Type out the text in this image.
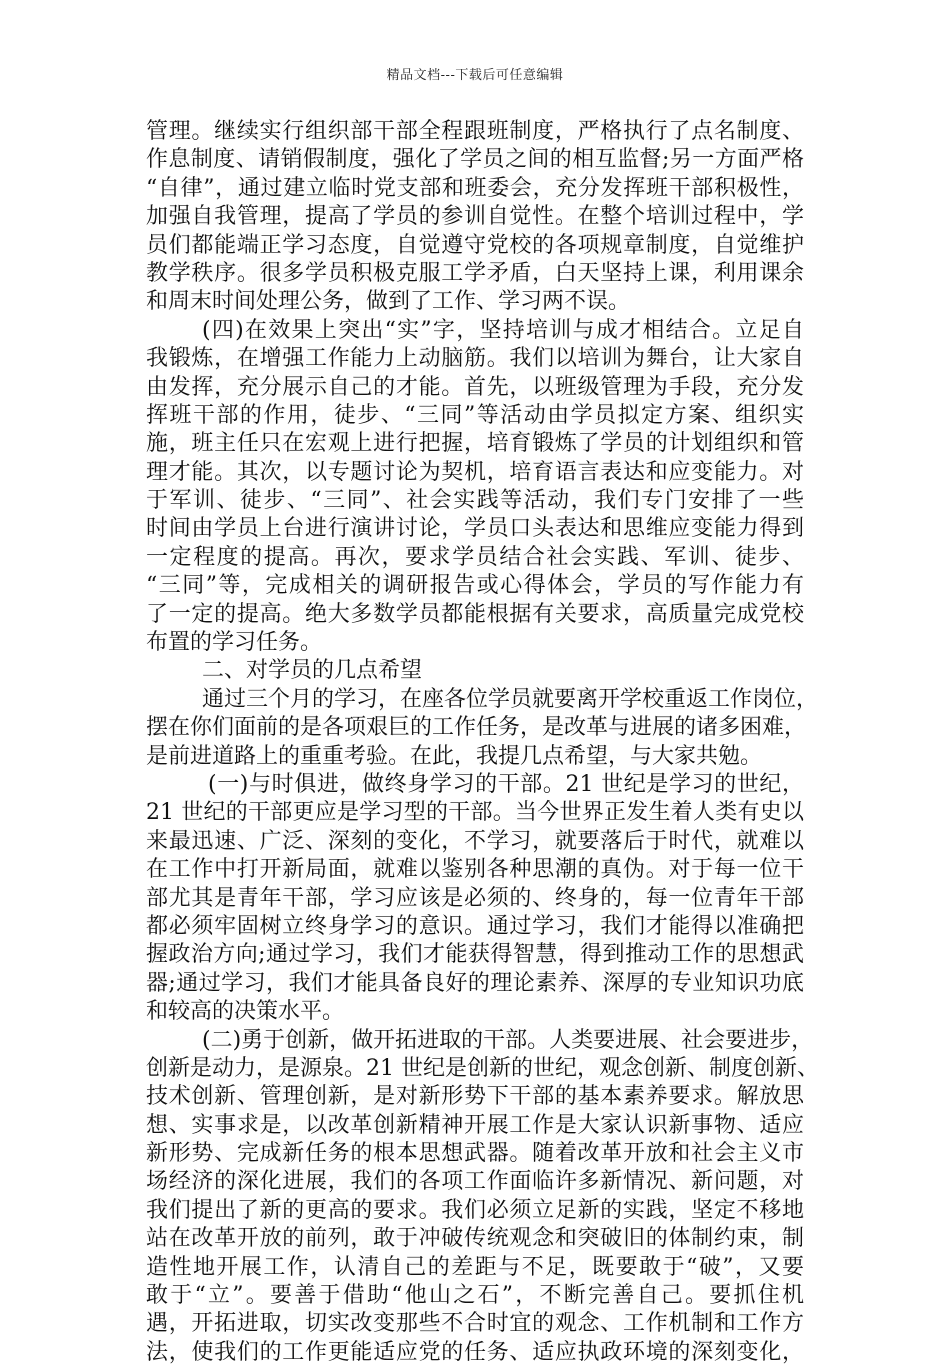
精品文档---下载后可任意编辑
管理。继续实行组织部干部全程跟班制度，严格执行了点名制度、
作息制度、请销假制度，强化了学员之间的相互监督;另一方面严格
“自律”，通过建立临时党支部和班委会，充分发挥班干部积极性，
加强自我管理，提高了学员的参训自觉性。在整个培训过程中，学
员们都能端正学习态度，自觉遵守党校的各项规章制度，自觉维护
教学秩序。很多学员积极克服工学矛盾，白天坚持上课，利用课余
和周末时间处理公务，做到了工作、学习两不误。
(四)在效果上突出“实”字，坚持培训与成才相结合。立足自
我锻炼，在增强工作能力上动脑筋。我们以培训为舞台，让大家自
由发挥，充分展示自己的才能。首先，以班级管理为手段，充分发
挥班干部的作用，徒步、“三同”等活动由学员拟定方案、组织实
施，班主任只在宏观上进行把握，培育锻炼了学员的计划组织和管
理才能。其次，以专题讨论为契机，培育语言表达和应变能力。对
于军训、徒步、“三同”、社会实践等活动，我们专门安排了一些
时间由学员上台进行演讲讨论，学员口头表达和思维应变能力得到
一定程度的提高。再次，要求学员结合社会实践、军训、徒步、
“三同”等，完成相关的调研报告或心得体会，学员的写作能力有
了一定的提高。绝大多数学员都能根据有关要求，高质量完成党校
布置的学习任务。
二、对学员的几点希望
通过三个月的学习，在座各位学员就要离开学校重返工作岗位，
摆在你们面前的是各项艰巨的工作任务，是改革与进展的诸多困难，
是前进道路上的重重考验。在此，我提几点希望，与大家共勉。
(一)与时俱进，做终身学习的干部。21 世纪是学习的世纪，
21 世纪的干部更应是学习型的干部。当今世界正发生着人类有史以
来最迅速、广泛、深刻的变化，不学习，就要落后于时代，就难以
在工作中打开新局面，就难以鉴别各种思潮的真伪。对于每一位干
部尤其是青年干部，学习应该是必须的、终身的，每一位青年干部
都必须牢固树立终身学习的意识。通过学习，我们才能得以准确把
握政治方向;通过学习，我们才能获得智慧，得到推动工作的思想武
器;通过学习，我们才能具备良好的理论素养、深厚的专业知识功底
和较高的决策水平。
(二)勇于创新，做开拓进取的干部。人类要进展、社会要进步，
创新是动力，是源泉。21 世纪是创新的世纪，观念创新、制度创新、
技术创新、管理创新，是对新形势下干部的基本素养要求。解放思
想、实事求是，以改革创新精神开展工作是大家认识新事物、适应
新形势、完成新任务的根本思想武器。随着改革开放和社会主义市
场经济的深化进展，我们的各项工作面临许多新情况、新问题，对
我们提出了新的更高的要求。我们必须立足新的实践，坚定不移地
站在改革开放的前列，敢于冲破传统观念和突破旧的体制约束，制
造性地开展工作，认清自己的差距与不足，既要敢于“破”，又要
敢于“立”。要善于借助“他山之石”，不断完善自己。要抓住机
遇，开拓进取，切实改变那些不合时宜的观念、工作机制和工作方
法，使我们的工作更能适应党的任务、适应执政环境的深刻变化，
